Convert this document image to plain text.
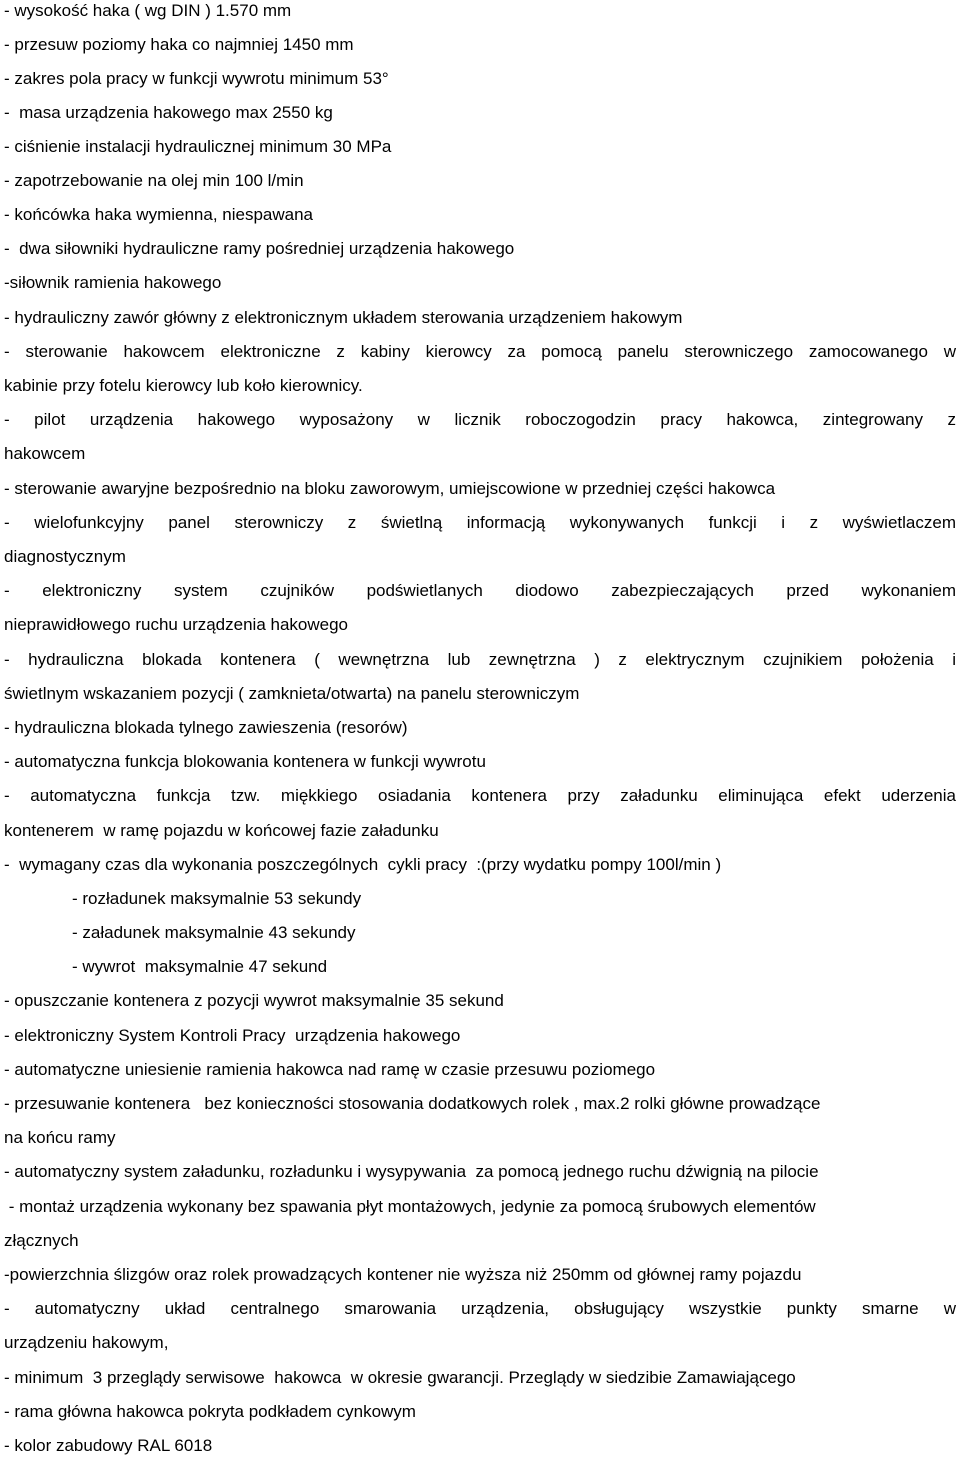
- wysokość haka ( wg DIN ) 1.570 mm
- przesuw poziomy haka co najmniej 1450 mm
- zakres pola pracy w funkcji wywrotu minimum 53°
-  masa urządzenia hakowego max 2550 kg
- ciśnienie instalacji hydraulicznej minimum 30 MPa
- zapotrzebowanie na olej min 100 l/min
- końcówka haka wymienna, niespawana
-  dwa siłowniki hydrauliczne ramy pośredniej urządzenia hakowego
-siłownik ramienia hakowego
- hydrauliczny zawór główny z elektronicznym układem sterowania urządzeniem hakowym
- sterowanie hakowcem elektroniczne z kabiny kierowcy za pomocą panelu sterowniczego zamocowanego w
kabinie przy fotelu kierowcy lub koło kierownicy.
- pilot urządzenia hakowego wyposażony w licznik roboczogodzin pracy hakowca, zintegrowany z
hakowcem
- sterowanie awaryjne bezpośrednio na bloku zaworowym, umiejscowione w przedniej części hakowca
- wielofunkcyjny panel sterowniczy z świetlną informacją wykonywanych funkcji i z wyświetlaczem
diagnostycznym
- elektroniczny system czujników podświetlanych diodowo zabezpieczających przed wykonaniem
nieprawidłowego ruchu urządzenia hakowego
- hydrauliczna blokada kontenera ( wewnętrzna lub zewnętrzna ) z elektrycznym czujnikiem położenia i
świetlnym wskazaniem pozycji ( zamknieta/otwarta) na panelu sterowniczym
- hydrauliczna blokada tylnego zawieszenia (resorów)
- automatyczna funkcja blokowania kontenera w funkcji wywrotu
- automatyczna funkcja tzw. miękkiego osiadania kontenera przy załadunku eliminująca efekt uderzenia
kontenerem  w ramę pojazdu w końcowej fazie załadunku
-  wymagany czas dla wykonania poszczególnych  cykli pracy  :(przy wydatku pompy 100l/min )
- rozładunek maksymalnie 53 sekundy
- załadunek maksymalnie 43 sekundy
- wywrot  maksymalnie 47 sekund
- opuszczanie kontenera z pozycji wywrot maksymalnie 35 sekund
- elektroniczny System Kontroli Pracy  urządzenia hakowego
- automatyczne uniesienie ramienia hakowca nad ramę w czasie przesuwu poziomego
- przesuwanie kontenera   bez konieczności stosowania dodatkowych rolek , max.2 rolki główne prowadzące
na końcu ramy
- automatyczny system załadunku, rozładunku i wysypywania  za pomocą jednego ruchu dźwignią na pilocie
- montaż urządzenia wykonany bez spawania płyt montażowych, jedynie za pomocą śrubowych elementów
złącznych
-powierzchnia ślizgów oraz rolek prowadzących kontener nie wyższa niż 250mm od głównej ramy pojazdu
- automatyczny układ centralnego smarowania urządzenia, obsługujący wszystkie punkty smarne w
urządzeniu hakowym,
- minimum  3 przeglądy serwisowe  hakowca  w okresie gwarancji. Przeglądy w siedzibie Zamawiającego
- rama główna hakowca pokryta podkładem cynkowym
- kolor zabudowy RAL 6018
